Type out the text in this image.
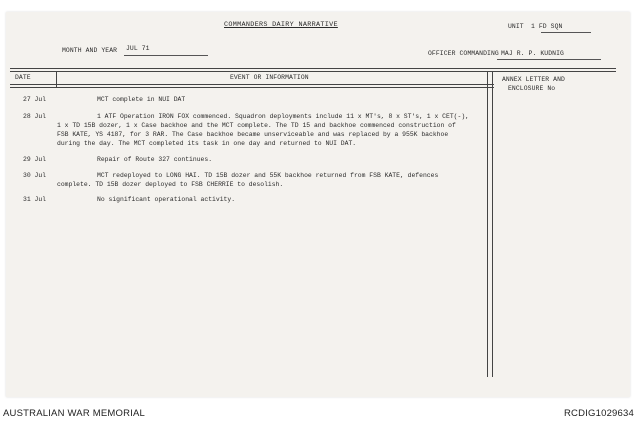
COMMANDERS DAIRY NARRATIVE	UNIT 1 FD SQN
MONTH AND YEAR JUL 71
OFFICER COMMANDING MAJ R. P. KUDNIG
DATE	EVENT OR INFORMATION	ANNEX LETTER AND
ENCLOSURE No
27 Jul	MCT complete in NUI DAT
28 Jul	1 ATF Operation IRON FOX commenced. Squadron deployments include 11 x MT's, 8 x ST's, 1 x CET(-),
1 x TD 15B dozer, 1 x Case backhoe and the MCT complete. The TD 15 and backhoe commenced construction of
FSB KATE, YS 4187, for 3 RAR. The Case backhoe became unserviceable and was replaced by a 955K backhoe
during the day. The MCT completed its task in one day and returned to NUI DAT.
29 Jul	Repair of Route 327 continues.
30 Jul	MCT redeployed to LONG HAI. TD 15B dozer and 55K backhoe returned from FSB KATE, defences
complete. TD 15B dozer deployed to FSB CHERRIE to desolish.
31 Jul	No significant operational activity.
AUSTRALIAN WAR MEMORIAL	RCDIG1029634
